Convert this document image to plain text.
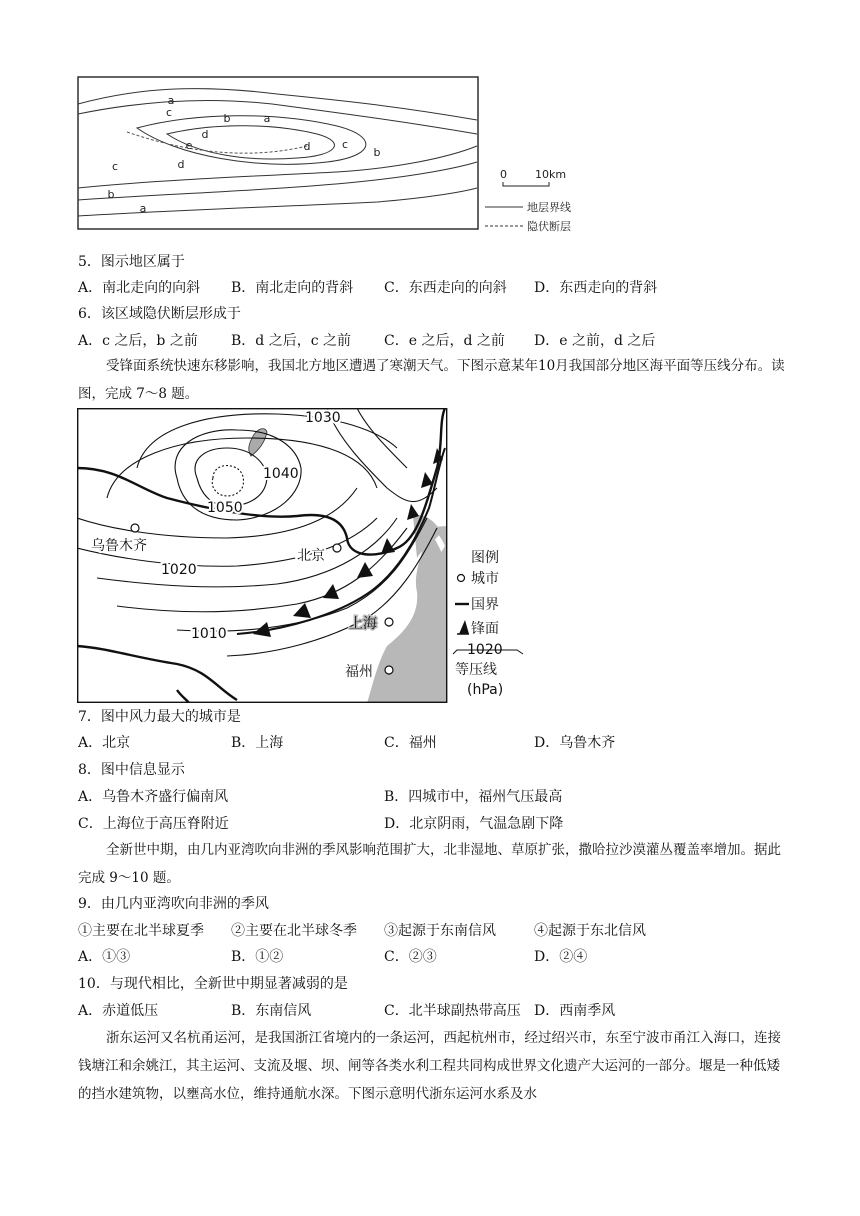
a
c	b	a
d
e	d	c
b
c	d
b
a
0	10km
地层界线
隐伏断层
5．图示地区属于
A．南北走向的向斜 B．南北走向的背斜 C．东西走向的向斜 D．东西走向的背斜
6．该区域隐伏断层形成于
A．c 之后，b 之前 B．d 之后，c 之前 C．e 之后，d 之前 D．e 之前，d 之后
受锋面系统快速东移影响，我国北方地区遭遇了寒潮天气。下图示意某年10月我国部分地区海平面等压线分布。读图，完成 7～8 题。
1030
1040
1050
1020
1010
乌鲁木齐
北京
上海
福州
图例
城市
国界
锋面
1020
等压线
(hPa)
7．图中风力最大的城市是
A．北京	B．上海	C．福州	D．乌鲁木齐
8．图中信息显示
A．乌鲁木齐盛行偏南风	B．四城市中，福州气压最高
C．上海位于高压脊附近	D．北京阴雨，气温急剧下降
全新世中期，由几内亚湾吹向非洲的季风影响范围扩大，北非湿地、草原扩张，撒哈拉沙漠灌丛覆盖率增加。据此完成 9～10 题。
9．由几内亚湾吹向非洲的季风
①主要在北半球夏季 ②主要在北半球冬季 ③起源于东南信风	④起源于东北信风
A．①③	B．①②	C．②③	D．②④
10．与现代相比，全新世中期显著减弱的是
A．赤道低压	B．东南信风	C．北半球副热带高压 D．西南季风
浙东运河又名杭甬运河，是我国浙江省境内的一条运河，西起杭州市，经过绍兴市，东至宁波市甬江入海口，连接钱塘江和余姚江，其主运河、支流及堰、坝、闸等各类水利工程共同构成世界文化遗产大运河的一部分。堰是一种低矮的挡水建筑物，以壅高水位，维持通航水深。下图示意明代浙东运河水系及水
